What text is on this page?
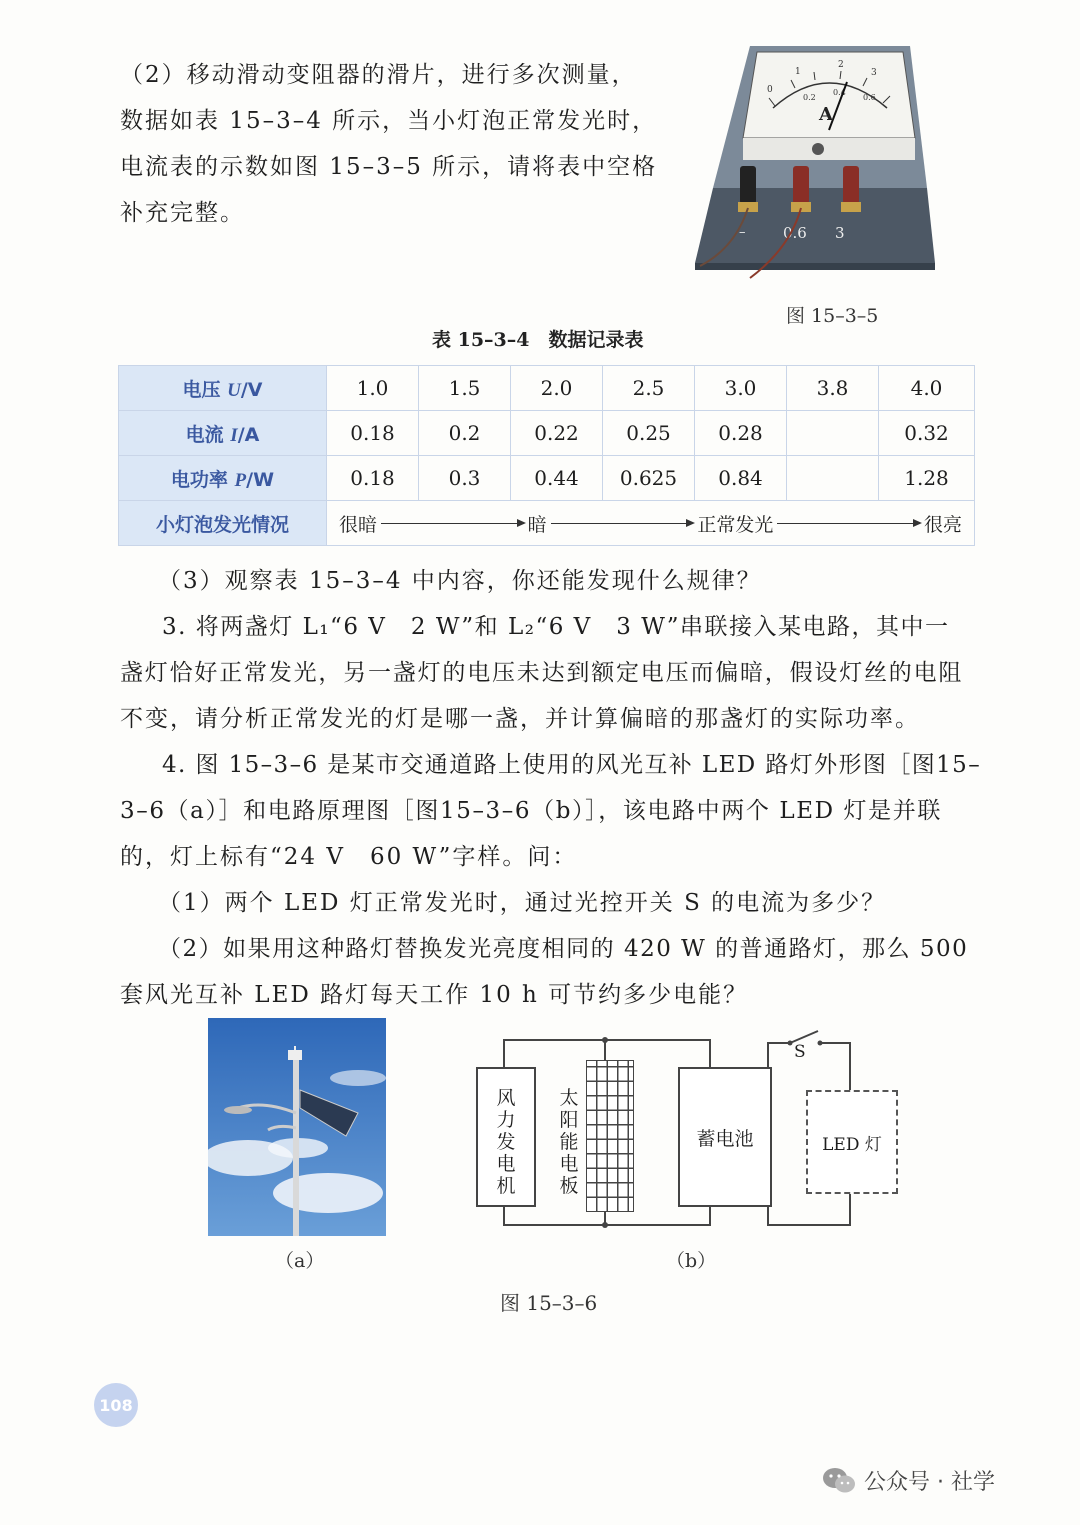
（2）移动滑动变阻器的滑片，进行多次测量，
数据如表 15–3–4 所示，当小灯泡正常发光时，
电流表的示数如图 15–3–5 所示，请将表中空格
补充完整。
1
2
3
0
0.2
0.4
0.6
A
–	0.6 3
图 15–3–5
表 15–3–4　数据记录表
电压 U/V	1.0	1.5	2.0	2.5	3.0	3.8	4.0
电流 I/A	0.18	0.2	0.22	0.25	0.28		0.32
电功率 P/W	0.18	0.3	0.44	0.625	0.84		1.28
小灯泡发光情况	很暗 暗 正常发光 很亮						
（3）观察表 15–3–4 中内容，你还能发现什么规律？
3. 将两盏灯 L₁“6 V　2 W”和 L₂“6 V　3 W”串联接入某电路，其中一
盏灯恰好正常发光，另一盏灯的电压未达到额定电压而偏暗，假设灯丝的电阻
不变，请分析正常发光的灯是哪一盏，并计算偏暗的那盏灯的实际功率。
4. 图 15–3–6 是某市交通道路上使用的风光互补 LED 路灯外形图［图15–
3–6（a）］和电路原理图［图15–3–6（b）］，该电路中两个 LED 灯是并联
的，灯上标有“24 V　60 W”字样。问：
（1）两个 LED 灯正常发光时，通过光控开关 S 的电流为多少？
（2）如果用这种路灯替换发光亮度相同的 420 W 的普通路灯，那么 500
套风光互补 LED 路灯每天工作 10 h 可节约多少电能？
（a）
风力发电机
太阳能电板
蓄电池
S
LED 灯
（b）
图 15–3–6
108
公众号 · 社学
